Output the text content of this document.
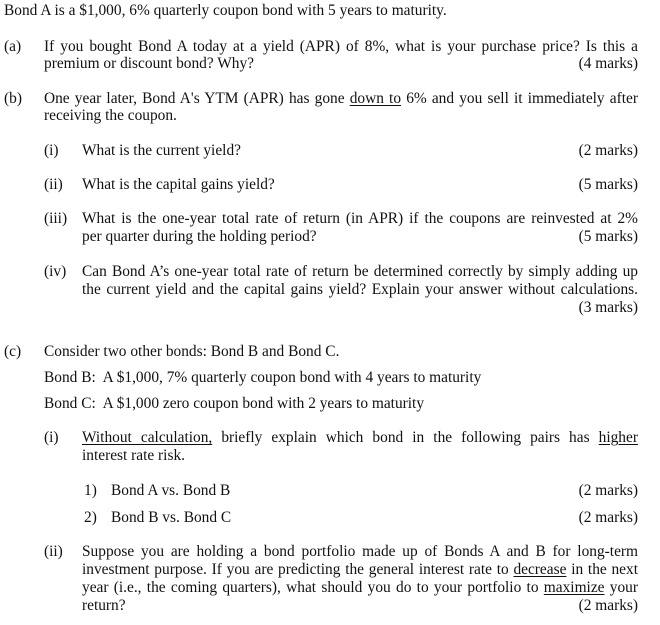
Bond A is a $1,000, 6% quarterly coupon bond with 5 years to maturity.
(a) If you bought Bond A today at a yield (APR) of 8%, what is your purchase price? Is this a
premium or discount bond? Why?	(4 marks)
(b) One year later, Bond A's YTM (APR) has gone down to 6% and you sell it immediately after
receiving the coupon.
(i) What is the current yield?	(2 marks)
(ii) What is the capital gains yield?	(5 marks)
(iii) What is the one-year total rate of return (in APR) if the coupons are reinvested at 2%
per quarter during the holding period?	(5 marks)
(iv) Can Bond A’s one-year total rate of return be determined correctly by simply adding up
the current yield and the capital gains yield? Explain your answer without calculations.
(3 marks)
(c) Consider two other bonds: Bond B and Bond C.
Bond B:  A $1,000, 7% quarterly coupon bond with 4 years to maturity
Bond C:  A $1,000 zero coupon bond with 2 years to maturity
(i) Without calculation, briefly explain which bond in the following pairs has higher
interest rate risk.
1) Bond A vs. Bond B	(2 marks)
2) Bond B vs. Bond C	(2 marks)
(ii) Suppose you are holding a bond portfolio made up of Bonds A and B for long-term
investment purpose. If you are predicting the general interest rate to decrease in the next
year (i.e., the coming quarters), what should you do to your portfolio to maximize your
return?	(2 marks)
